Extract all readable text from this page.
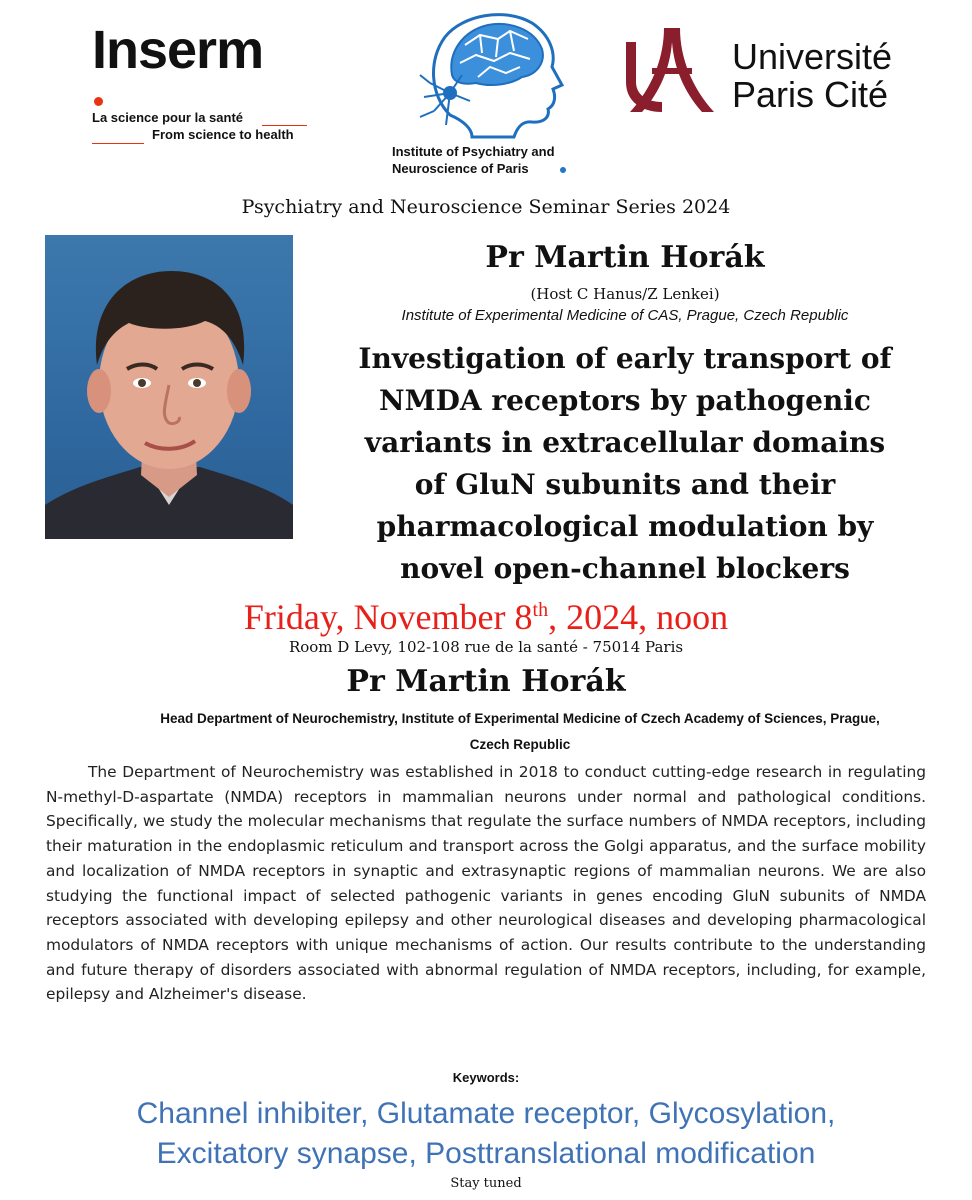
Inserm
La science pour la santé
From science to health
Institute of Psychiatry and
Neuroscience of Paris
Université
Paris Cité
Psychiatry and Neuroscience Seminar Series 2024
Pr Martin Horák
(Host C Hanus/Z Lenkei)
Institute of Experimental Medicine of CAS, Prague, Czech Republic
Investigation of early transport of
NMDA receptors by pathogenic
variants in extracellular domains
of GluN subunits and their
pharmacological modulation by
novel open-channel blockers
Friday, November 8th, 2024, noon
Room D Levy, 102-108 rue de la santé - 75014 Paris
Pr Martin Horák
Head Department of Neurochemistry, Institute of Experimental Medicine of Czech Academy of Sciences, Prague,
Czech Republic
The Department of Neurochemistry was established in 2018 to conduct cutting-edge research in regulating N-methyl-D-aspartate (NMDA) receptors in mammalian neurons under normal and pathological conditions. Specifically, we study the molecular mechanisms that regulate the surface numbers of NMDA receptors, including their maturation in the endoplasmic reticulum and transport across the Golgi apparatus, and the surface mobility and localization of NMDA receptors in synaptic and extrasynaptic regions of mammalian neurons. We are also studying the functional impact of selected pathogenic variants in genes encoding GluN subunits of NMDA receptors associated with developing epilepsy and other neurological diseases and developing pharmacological modulators of NMDA receptors with unique mechanisms of action. Our results contribute to the understanding and future therapy of disorders associated with abnormal regulation of NMDA receptors, including, for example, epilepsy and Alzheimer's disease.
Keywords:
Channel inhibiter, Glutamate receptor, Glycosylation,
Excitatory synapse, Posttranslational modification
Stay tuned
